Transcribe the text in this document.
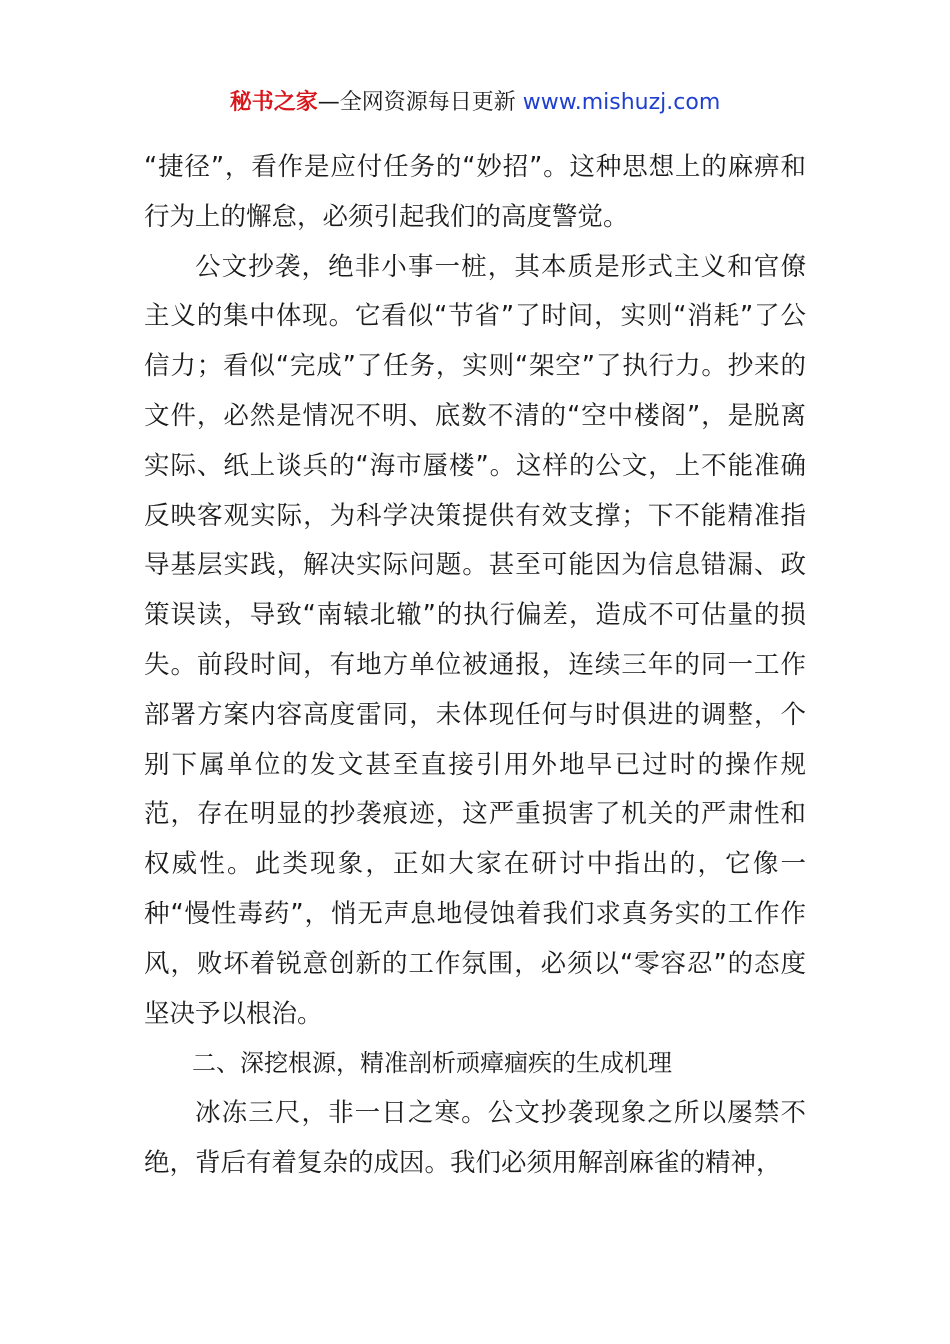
秘书之家—全网资源每日更新 www.mishuzj.com

“捷径”，看作是应付任务的“妙招”。这种思想上的麻痹和行为上的懈怠，必须引起我们的高度警觉。

公文抄袭，绝非小事一桩，其本质是形式主义和官僚主义的集中体现。它看似“节省”了时间，实则“消耗”了公信力；看似“完成”了任务，实则“架空”了执行力。抄来的文件，必然是情况不明、底数不清的“空中楼阁”，是脱离实际、纸上谈兵的“海市蜃楼”。这样的公文，上不能准确反映客观实际，为科学决策提供有效支撑；下不能精准指导基层实践，解决实际问题。甚至可能因为信息错漏、政策误读，导致“南辕北辙”的执行偏差，造成不可估量的损失。前段时间，有地方单位被通报，连续三年的同一工作部署方案内容高度雷同，未体现任何与时俱进的调整，个别下属单位的发文甚至直接引用外地早已过时的操作规范，存在明显的抄袭痕迹，这严重损害了机关的严肃性和权威性。此类现象，正如大家在研讨中指出的，它像一种“慢性毒药”，悄无声息地侵蚀着我们求真务实的工作作风，败坏着锐意创新的工作氛围，必须以“零容忍”的态度坚决予以根治。

二、深挖根源，精准剖析顽瘴痼疾的生成机理

冰冻三尺，非一日之寒。公文抄袭现象之所以屡禁不绝，背后有着复杂的成因。我们必须用解剖麻雀的精神，
